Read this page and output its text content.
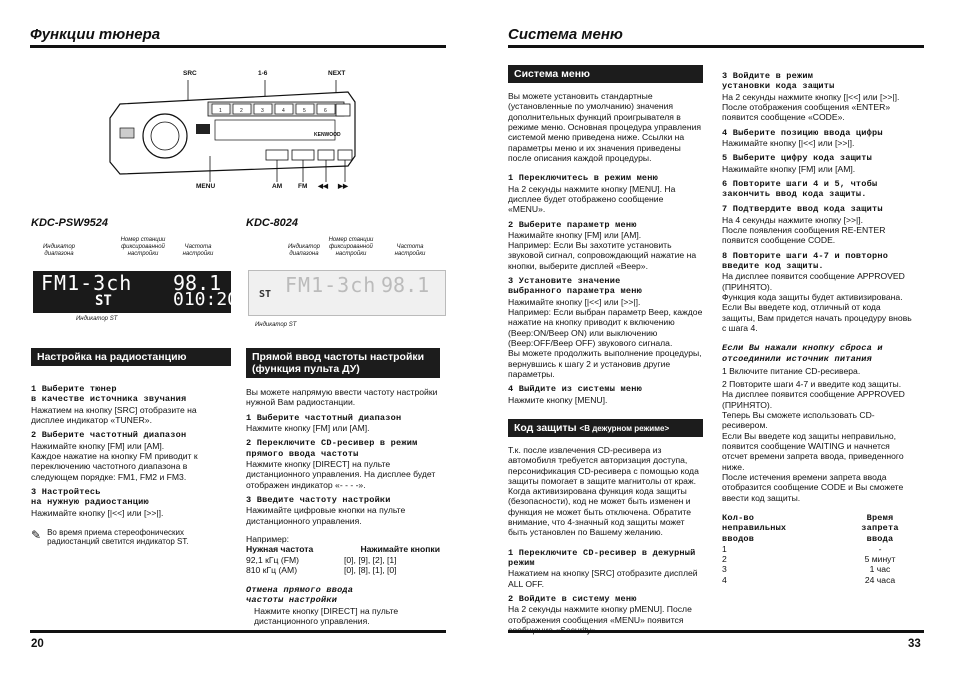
Функции тюнера
SRC	1-6	NEXT
1	2	3	4	5	6
KENWOOD
MENU	AM FM ◀◀ ▶▶
KDC-PSW9524	KDC-8024
Индикатор диапазона
Номер станции фиксированной настройки
Частота настройки
FM1-3ch 98.1
ST	010:20
Индикатор ST
Индикатор диапазона
Номер станции фиксированной настройки
Частота настройки
FM1-3ch 98.1
ST
Индикатор ST
Настройка на радиостанцию
1 Выберите тюнер
в качестве источника звучания

Нажатием на кнопку [SRC] отобразите на дисплее индикатор «TUNER».

2 Выберите частотный диапазон

Нажимайте кнопку [FM] или [AM].
Каждое нажатие на кнопку FM приводит к переключению частотного диапазона в следующем порядке: FM1, FM2 и FM3.

3 Настройтесь
на нужную радиостанцию

Нажимайте кнопку [|<<] или [>>|].

✎ Во время приема стереофонических радиостанций светится индикатор ST.
Прямой ввод частоты настройки (функция пульта ДУ)

Вы можете напрямую ввести частоту настройки нужной Вам радиостанции.

1 Выберите частотный диапазон

Нажмите кнопку [FM] или [AM].

2 Переключите CD-ресивер в режим прямого ввода частоты

Нажмите кнопку [DIRECT] на пульте дистанционного управления. На дисплее будет отображен индикатор «- - - -».

3 Введите частоту настройки

Нажимайте цифровые кнопки на пульте дистанционного управления.

Например:

Нужная частота	Нажимайте кнопки
92,1 кГц (FM)	[0], [9], [2], [1]
810 кГц (AM)	[0], [8], [1], [0]
Отмена прямого ввода
частоты настройки

Нажмите кнопку [DIRECT] на пульте дистанционного управления.

20
Система меню
Система меню

Вы можете установить стандартные (установленные по умолчанию) значения дополнительных функций проигрывателя в режиме меню. Основная процедура управления системой меню приведена ниже. Ссылки на параметры меню и их значения приведены после описания каждой процедуры.

1 Переключитесь в режим меню

На 2 секунды нажмите кнопку [MENU]. На дисплее будет отображено сообщение «MENU».

2 Выберите параметр меню

Нажимайте кнопку [FM] или [AM].
Например: Если Вы захотите установить звуковой сигнал, сопровождающий нажатие на кнопки, выберите дисплей «Beep».

3 Установите значение
выбранного параметра меню

Нажимайте кнопку [|<<] или [>>|].
Например: Если выбран параметр Beep, каждое нажатие на кнопку приводит к включению (Beep:ON/Beep ON) или выключению (Beep:OFF/Beep OFF) звукового сигнала.
Вы можете продолжить выполнение процедуры, вернувшись к шагу 2 и установив другие параметры.

4 Выйдите из системы меню

Нажмите кнопку [MENU].

Код защиты <В дежурном режиме>

Т.к. после извлечения CD-ресивера из автомобиля требуется авторизация доступа, персонификация CD-ресивера с помощью кода защиты помогает в защите магнитолы от краж. Когда активизирована функция кода защиты (безопасности), код не может быть изменен и функция не может быть отключена. Обратите внимание, что 4-значный код защиты может быть установлен по Вашему желанию.

1 Переключите CD-ресивер в дежурный режим

Нажатием на кнопку [SRC] отобразите дисплей ALL OFF.

2 Войдите в систему меню

На 2 секунды нажмите кнопку pMENU]. После отображения сообщения «MENU» появится

3 Войдите в режим
установки кода защиты

На 2 секунды нажмите кнопку [|<<] или [>>|]. После отображения сообщения «ENTER» появится сообщение «CODE».

4 Выберите позицию ввода цифры

Нажимайте кнопку [|<<] или [>>|].

5 Выберите цифру кода защиты

Нажимайте кнопку [FM] или [AM].

6 Повторите шаги 4 и 5, чтобы закончить ввод кода защиты.
7 Подтвердите ввод кода защиты

На 4 секунды нажмите кнопку [>>|].
После появления сообщения RE-ENTER появится сообщение CODE.

8 Повторите шаги 4-7 и повторно введите код защиты.

На дисплее появится сообщение APPROVED (ПРИНЯТО).
Функция кода защиты будет активизирована.
Если Вы введете код, отличный от кода защиты, Вам придется начать процедуру вновь с шага 4.

Если Вы нажали кнопку сброса и отсоединили источник питания

1 Включите питание CD-ресивера.

2 Повторите шаги 4-7 и введите код защиты.
На дисплее появится сообщение APPROVED (ПРИНЯТО).
Теперь Вы сможете использовать CD-ресивером.
Если Вы введете код защиты неправильно, появится сообщение WAITING и начнется отсчет времени запрета ввода, приведенного ниже.
После истечения времени запрета ввода отобразится сообщение CODE и Вы сможете ввести код защиты.

Кол-во
неправильных
вводов
Время
запрета
ввода
1	-
2	5 минут
3	1 час
4	24 часа
33
